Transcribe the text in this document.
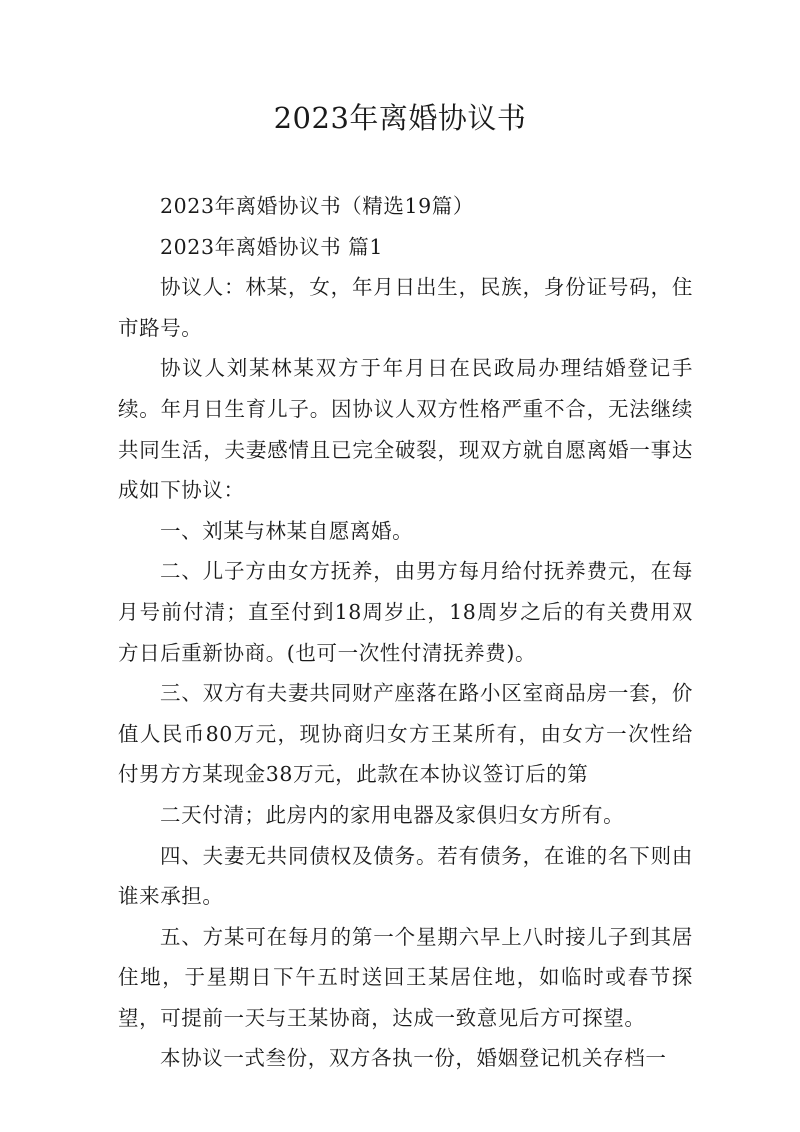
2023年离婚协议书

2023年离婚协议书（精选19篇）

2023年离婚协议书 篇1

协议人：林某，女，年月日出生，民族，身份证号码，住市路号。

协议人刘某林某双方于年月日在民政局办理结婚登记手续。年月日生育儿子。因协议人双方性格严重不合，无法继续共同生活，夫妻感情且已完全破裂，现双方就自愿离婚一事达成如下协议：

一、刘某与林某自愿离婚。

二、儿子方由女方抚养，由男方每月给付抚养费元，在每月号前付清；直至付到18周岁止，18周岁之后的有关费用双方日后重新协商。(也可一次性付清抚养费)。

三、双方有夫妻共同财产座落在路小区室商品房一套，价值人民币80万元，现协商归女方王某所有，由女方一次性给付男方方某现金38万元，此款在本协议签订后的第

二天付清；此房内的家用电器及家俱归女方所有。

四、夫妻无共同债权及债务。若有债务，在谁的名下则由谁来承担。

五、方某可在每月的第一个星期六早上八时接儿子到其居住地，于星期日下午五时送回王某居住地，如临时或春节探望，可提前一天与王某协商，达成一致意见后方可探望。

本协议一式叁份，双方各执一份，婚姻登记机关存档一
